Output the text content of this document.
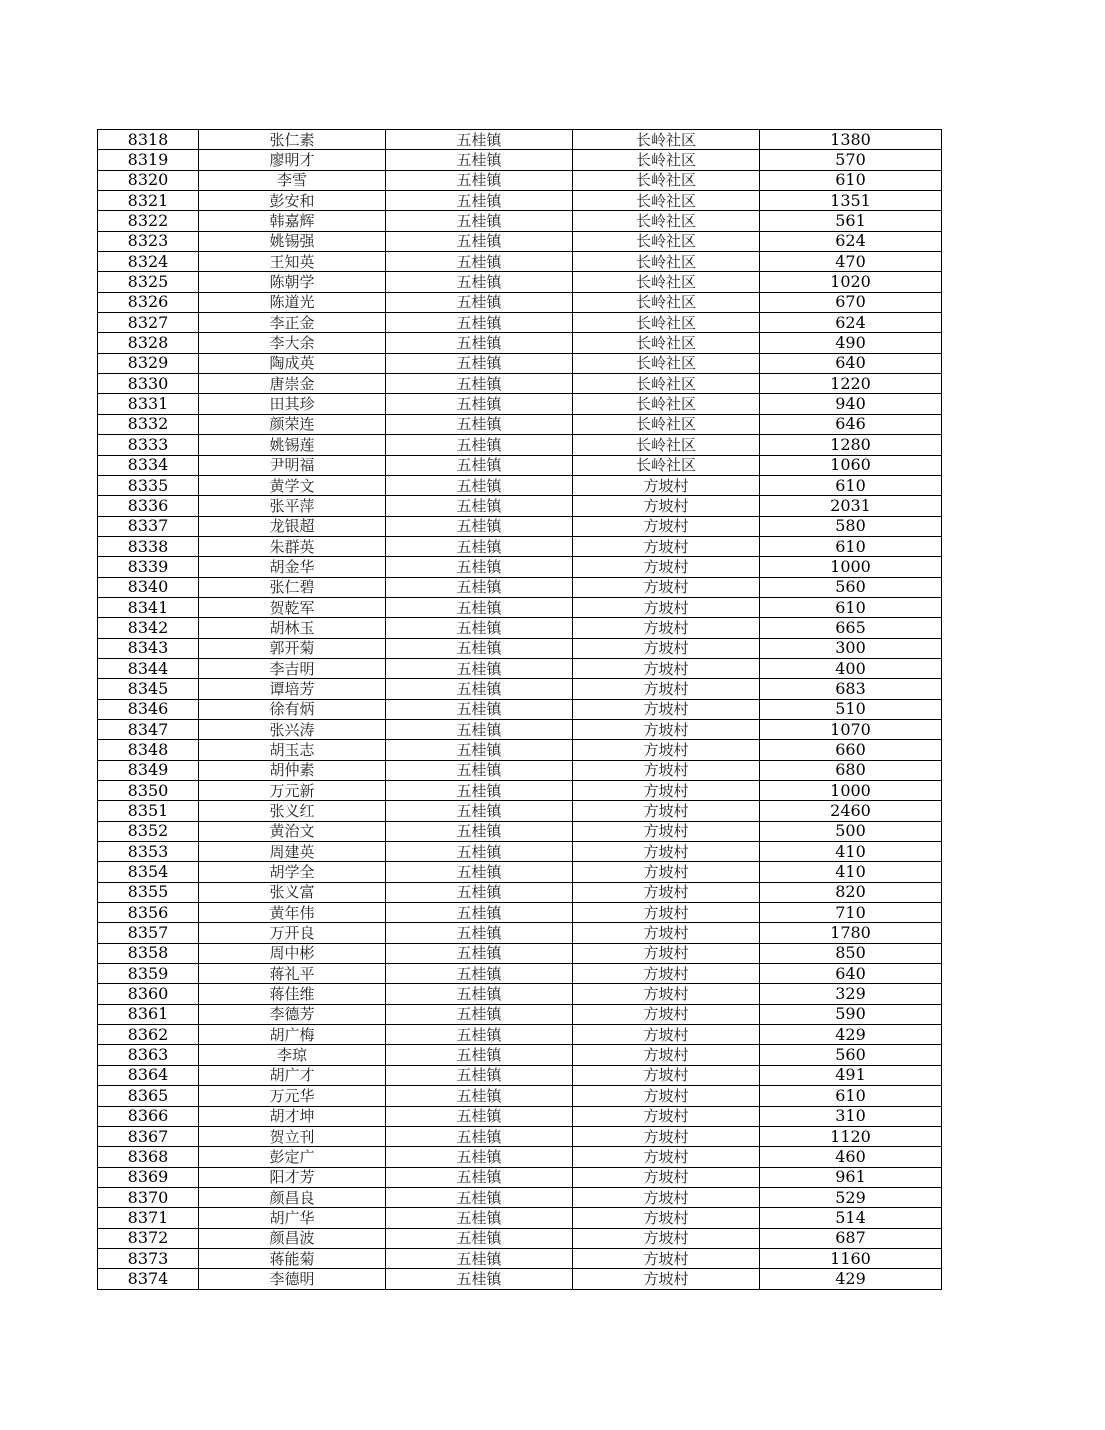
8318	张仁素	五桂镇	长岭社区	1380
8319	廖明才	五桂镇	长岭社区	570
8320	李雪	五桂镇	长岭社区	610
8321	彭安和	五桂镇	长岭社区	1351
8322	韩嘉辉	五桂镇	长岭社区	561
8323	姚锡强	五桂镇	长岭社区	624
8324	王知英	五桂镇	长岭社区	470
8325	陈朝学	五桂镇	长岭社区	1020
8326	陈道光	五桂镇	长岭社区	670
8327	李正金	五桂镇	长岭社区	624
8328	李大余	五桂镇	长岭社区	490
8329	陶成英	五桂镇	长岭社区	640
8330	唐崇金	五桂镇	长岭社区	1220
8331	田其珍	五桂镇	长岭社区	940
8332	颜荣连	五桂镇	长岭社区	646
8333	姚锡莲	五桂镇	长岭社区	1280
8334	尹明福	五桂镇	长岭社区	1060
8335	黄学文	五桂镇	方坡村	610
8336	张平萍	五桂镇	方坡村	2031
8337	龙银超	五桂镇	方坡村	580
8338	朱群英	五桂镇	方坡村	610
8339	胡金华	五桂镇	方坡村	1000
8340	张仁碧	五桂镇	方坡村	560
8341	贺乾军	五桂镇	方坡村	610
8342	胡林玉	五桂镇	方坡村	665
8343	郭开菊	五桂镇	方坡村	300
8344	李吉明	五桂镇	方坡村	400
8345	谭培芳	五桂镇	方坡村	683
8346	徐有炳	五桂镇	方坡村	510
8347	张兴涛	五桂镇	方坡村	1070
8348	胡玉志	五桂镇	方坡村	660
8349	胡仲素	五桂镇	方坡村	680
8350	万元新	五桂镇	方坡村	1000
8351	张义红	五桂镇	方坡村	2460
8352	黄治文	五桂镇	方坡村	500
8353	周建英	五桂镇	方坡村	410
8354	胡学全	五桂镇	方坡村	410
8355	张义富	五桂镇	方坡村	820
8356	黄年伟	五桂镇	方坡村	710
8357	万开良	五桂镇	方坡村	1780
8358	周中彬	五桂镇	方坡村	850
8359	蒋礼平	五桂镇	方坡村	640
8360	蒋佳维	五桂镇	方坡村	329
8361	李德芳	五桂镇	方坡村	590
8362	胡广梅	五桂镇	方坡村	429
8363	李琼	五桂镇	方坡村	560
8364	胡广才	五桂镇	方坡村	491
8365	万元华	五桂镇	方坡村	610
8366	胡才坤	五桂镇	方坡村	310
8367	贺立刊	五桂镇	方坡村	1120
8368	彭定广	五桂镇	方坡村	460
8369	阳才芳	五桂镇	方坡村	961
8370	颜昌良	五桂镇	方坡村	529
8371	胡广华	五桂镇	方坡村	514
8372	颜昌波	五桂镇	方坡村	687
8373	蒋能菊	五桂镇	方坡村	1160
8374	李德明	五桂镇	方坡村	429
